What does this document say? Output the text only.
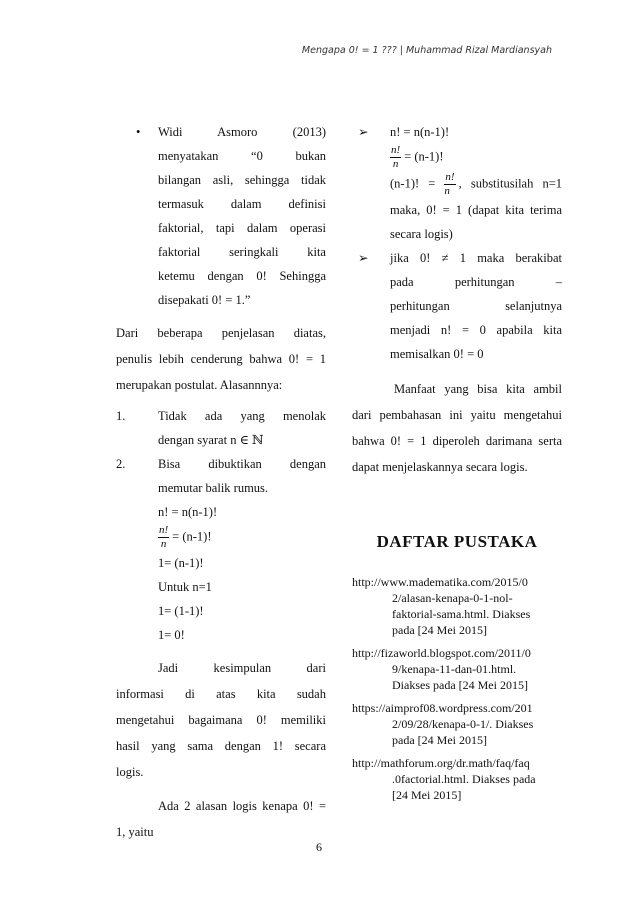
Mengapa 0! = 1 ??? | Muhammad Rizal Mardiansyah
• Widi Asmoro (2013)
menyatakan “0 bukan
bilangan asli, sehingga tidak
termasuk dalam definisi
faktorial, tapi dalam operasi
faktorial seringkali kita
ketemu dengan 0! Sehingga
disepakati 0! = 1.”
Dari beberapa penjelasan diatas,
penulis lebih cenderung bahwa 0! = 1
merupakan postulat. Alasannnya:
1.	Tidak ada yang menolak
dengan syarat n ∈ ℕ
2.	Bisa dibuktikan dengan
memutar balik rumus.
n! = n(n-1)!
$\frac{n!}{n} = (n-1)$!
1= (n-1)!
Untuk n=1
1= (1-1)!
1= 0!
Jadi kesimpulan dari
informasi di atas kita sudah
mengetahui bagaimana 0! memiliki
hasil yang sama dengan 1! secara
logis.
Ada 2 alasan logis kenapa 0! =
1, yaitu
➢ n! = n(n-1)!
$\frac{n!}{n} = (n-1)$!
(n-1)! = $\frac{n!}{n}$ , substitusilah n=1
maka, 0! = 1 (dapat kita terima
secara logis)
➢ jika 0! ≠ 1 maka berakibat
pada perhitungan –
perhitungan selanjutnya
menjadi n! = 0 apabila kita
memisalkan 0! = 0
Manfaat yang bisa kita ambil
dari pembahasan ini yaitu mengetahui
bahwa 0! = 1 diperoleh darimana serta
dapat menjelaskannya secara logis.
DAFTAR PUSTAKA
http://www.madematika.com/2015/0
2/alasan-kenapa-0-1-nol-
faktorial-sama.html. Diakses
pada [24 Mei 2015]
http://fizaworld.blogspot.com/2011/0
9/kenapa-11-dan-01.html.
Diakses pada [24 Mei 2015]
https://aimprof08.wordpress.com/201
2/09/28/kenapa-0-1/. Diakses
pada [24 Mei 2015]
http://mathforum.org/dr.math/faq/faq
.0factorial.html. Diakses pada
[24 Mei 2015]
6
